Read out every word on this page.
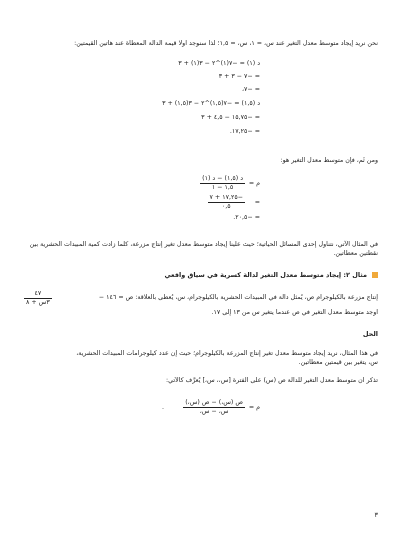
نحن نريد إيجاد متوسط معدل التغير عند س، = ١، س، = ١,٥؛ لذا سنوجد أولًا قيمة الدالة المعطاة عند هاتين القيمتين:
د (١) = −٧(١)^٢ − ٣(١) + ٣
= −٧ − ٣ + ٣
= −٧،
د (١,٥) = −٧(١,٥)^٢ − ٣(١,٥) + ٣
= −١٥,٧٥ − ٤,٥ + ٣
= −١٧,٢٥.
ومن ثَم، فإن متوسط معدل التغير هو:
م =
د (١,٥) − د (١)
١,٥ − ١
=
−١٧,٢٥ + ٧
٠,٥
= −٢٠,٥.
في المثال الآتي، نتناول إحدى المسائل الحياتية؛ حيث علينا إيجاد متوسط معدل تغير إنتاج مزرعة، كلما زادت كمية المبيدات الحشرية بين نقطتين معطاتين.
مثال ٢: إيجاد متوسط معدل التغير لدالة كسرية في سياق واقعي
إنتاج مزرعة بالكيلوجرام ص، يُمثل دالة في المبيدات الحشرية بالكيلوجرام، س، يُعطى بالعلاقة: ص = ١٤٦ −
٤٧
٣س + ٨
أوجد متوسط معدل التغير في ص عندما يتغير س من ١٣ إلى ١٧.
الحل
في هذا المثال، نريد إيجاد متوسط معدل تغير إنتاج المزرعة بالكيلوجرام؛ حيث إن عدد كيلوجرامات المبيدات الحشرية،
س، يتغير بين قيمتين معطاتين.
تذكّر أن متوسط معدل التغير للدالة ص (س) على الفترة [س،، س،] يُعرَّف كالآتي:
م =
ص (س،) − ص (س،)
س، − س،
.
٣
